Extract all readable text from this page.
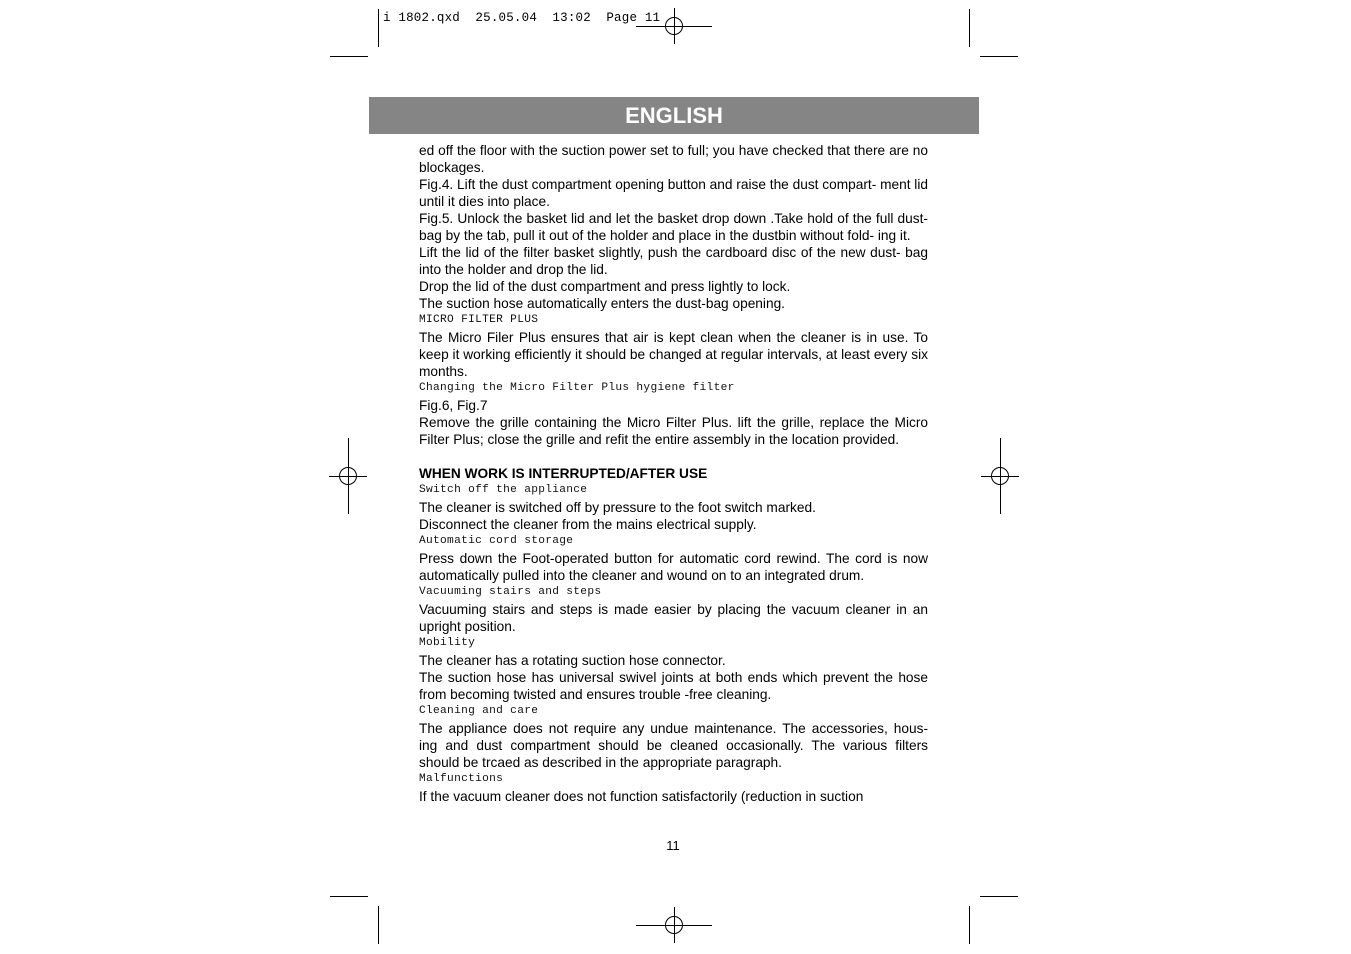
i 1802.qxd  25.05.04  13:02  Page 11
ENGLISH

ed off the floor with the suction power set to full; you have checked that there are no blockages.

Fig.4. Lift the dust compartment opening button and raise the dust compart- ment lid until it dies into place.

Fig.5. Unlock the basket lid and let the basket drop down .Take hold of the full dust-bag by the tab, pull it out of the holder and place in the dustbin without fold- ing it.

Lift the lid of the filter basket slightly, push the cardboard disc of the new dust- bag into the holder and drop the lid.

Drop the lid of the dust compartment and press lightly to lock.

The suction hose automatically enters the dust-bag opening.

MICRO FILTER PLUS

The Micro Filer Plus ensures that air is kept clean when the cleaner is in use. To keep it working efficiently it should be changed at regular intervals, at least every six months.

Changing the Micro Filter Plus hygiene filter

Fig.6, Fig.7

Remove the grille containing the Micro Filter Plus. lift the grille, replace the Micro Filter Plus; close the grille and refit the entire assembly in the location provided.

WHEN WORK IS INTERRUPTED/AFTER USE

Switch off the appliance

The cleaner is switched off by pressure to the foot switch marked.

Disconnect the cleaner from the mains electrical supply.

Automatic cord storage

Press down the Foot-operated button for automatic cord rewind. The cord is now automatically pulled into the cleaner and wound on to an integrated drum.

Vacuuming stairs and steps

Vacuuming stairs and steps is made easier by placing the vacuum cleaner in an upright position.

Mobility

The cleaner has a rotating suction hose connector.

The suction hose has universal swivel joints at both ends which prevent the hose from becoming twisted and ensures trouble -free cleaning.

Cleaning and care

The appliance does not require any undue maintenance. The accessories, hous- ing and dust compartment should be cleaned occasionally. The various filters should be trcaed as described in the appropriate paragraph.

Malfunctions

If the vacuum cleaner does not function satisfactorily (reduction in suction

11
